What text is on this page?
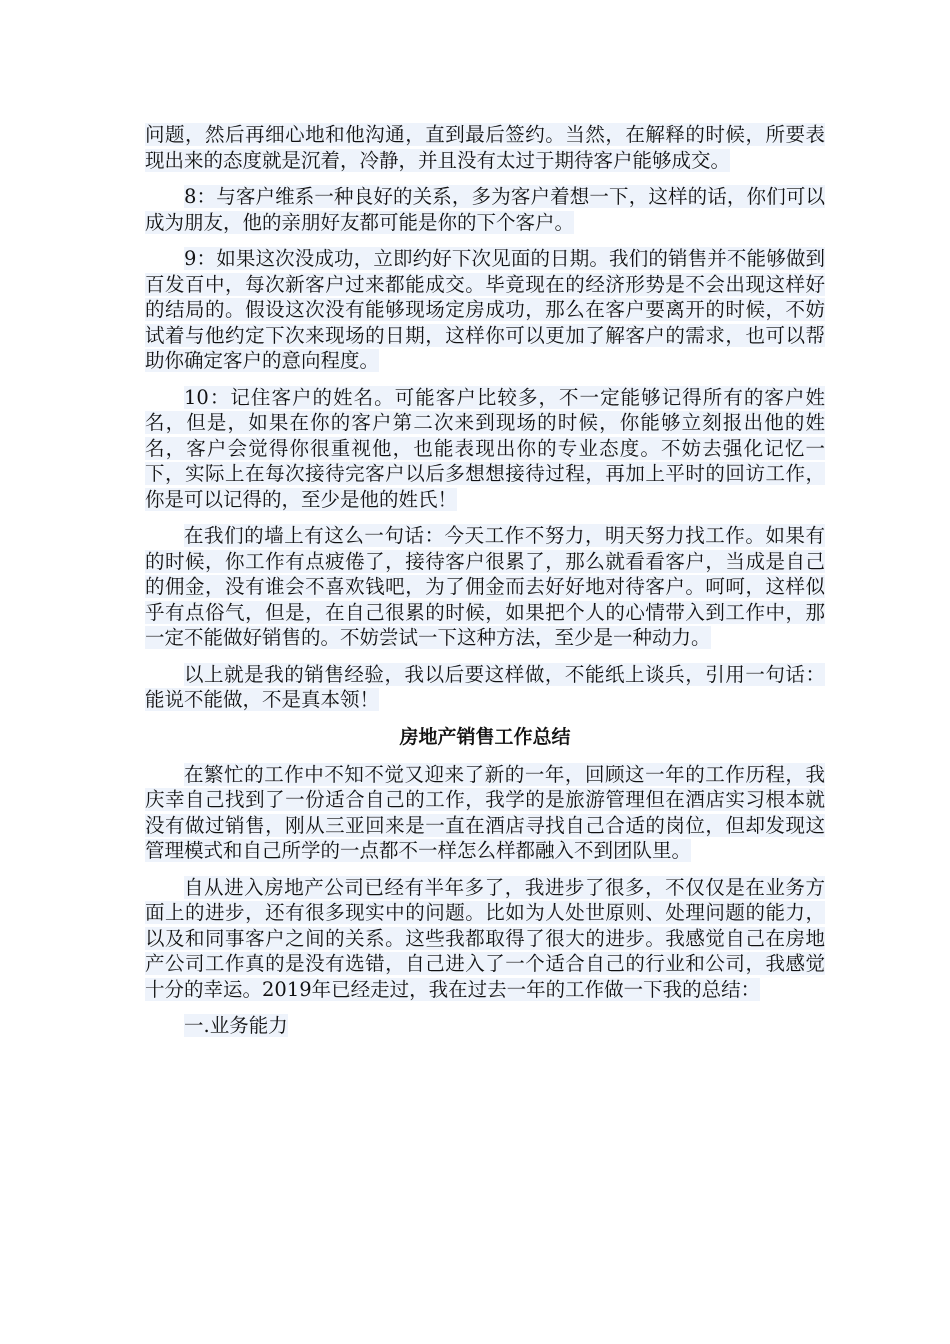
问题，然后再细心地和他沟通，直到最后签约。当然，在解释的时候，所要表现出来的态度就是沉着，冷静，并且没有太过于期待客户能够成交。

8：与客户维系一种良好的关系，多为客户着想一下，这样的话，你们可以成为朋友，他的亲朋好友都可能是你的下个客户。

9：如果这次没成功，立即约好下次见面的日期。我们的销售并不能够做到百发百中，每次新客户过来都能成交。毕竟现在的经济形势是不会出现这样好的结局的。假设这次没有能够现场定房成功，那么在客户要离开的时候，不妨试着与他约定下次来现场的日期，这样你可以更加了解客户的需求，也可以帮助你确定客户的意向程度。

10：记住客户的姓名。可能客户比较多，不一定能够记得所有的客户姓名，但是，如果在你的客户第二次来到现场的时候，你能够立刻报出他的姓名，客户会觉得你很重视他，也能表现出你的专业态度。不妨去强化记忆一下，实际上在每次接待完客户以后多想想接待过程，再加上平时的回访工作，你是可以记得的，至少是他的姓氏！

在我们的墙上有这么一句话：今天工作不努力，明天努力找工作。如果有的时候，你工作有点疲倦了，接待客户很累了，那么就看看客户，当成是自己的佣金，没有谁会不喜欢钱吧，为了佣金而去好好地对待客户。呵呵，这样似乎有点俗气，但是，在自己很累的时候，如果把个人的心情带入到工作中，那一定不能做好销售的。不妨尝试一下这种方法，至少是一种动力。

以上就是我的销售经验，我以后要这样做，不能纸上谈兵，引用一句话：能说不能做，不是真本领！

房地产销售工作总结

在繁忙的工作中不知不觉又迎来了新的一年，回顾这一年的工作历程，我庆幸自己找到了一份适合自己的工作，我学的是旅游管理但在酒店实习根本就没有做过销售，刚从三亚回来是一直在酒店寻找自己合适的岗位，但却发现这管理模式和自己所学的一点都不一样怎么样都融入不到团队里。

自从进入房地产公司已经有半年多了，我进步了很多，不仅仅是在业务方面上的进步，还有很多现实中的问题。比如为人处世原则、处理问题的能力，以及和同事客户之间的关系。这些我都取得了很大的进步。我感觉自己在房地产公司工作真的是没有选错，自己进入了一个适合自己的行业和公司，我感觉十分的幸运。2019年已经走过，我在过去一年的工作做一下我的总结：

一.业务能力
